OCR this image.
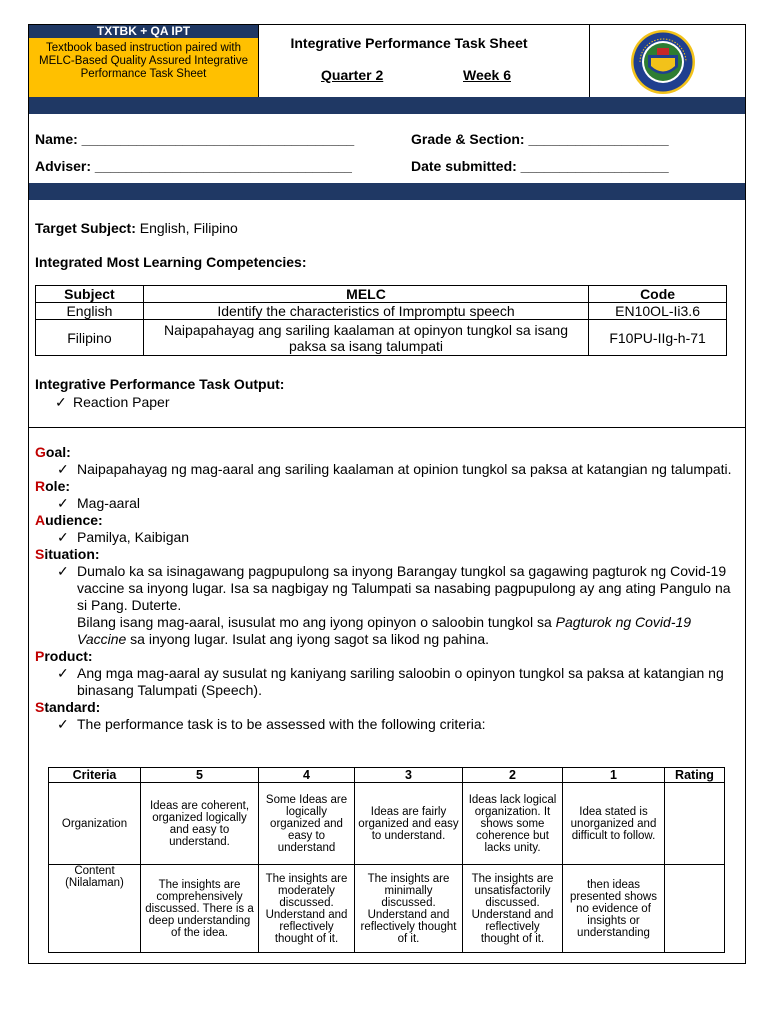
TXTBK + QA IPT
Textbook based instruction paired with MELC-Based Quality Assured Integrative Performance Task Sheet
Integrative Performance Task Sheet
Quarter 2	Week 6
Name: ___________________________________	Grade & Section: __________________
Adviser: _________________________________	Date submitted: ___________________
Target Subject: English, Filipino
Integrated Most Learning Competencies:
Subject	MELC	Code
English	Identify the characteristics of Impromptu speech	EN10OL-Ii3.6
Filipino	Naipapahayag ang sariling kaalaman at opinyon tungkol sa isang paksa sa isang talumpati	F10PU-IIg-h-71
Integrative Performance Task Output:
✓ Reaction Paper
Goal:
✓ Naipapahayag ng mag-aaral ang sariling kaalaman at opinion tungkol sa paksa at katangian ng talumpati.
Role:
✓ Mag-aaral
Audience:
✓ Pamilya, Kaibigan
Situation:
✓ Dumalo ka sa isinagawang pagpupulong sa inyong Barangay tungkol sa gagawing pagturok ng Covid-19 vaccine sa inyong lugar. Isa sa nagbigay ng Talumpati sa nasabing pagpupulong ay ang ating Pangulo na si Pang. Duterte.
Bilang isang mag-aaral, isusulat mo ang iyong opinyon o saloobin tungkol sa Pagturok ng Covid-19 Vaccine sa inyong lugar. Isulat ang iyong sagot sa likod ng pahina.
Product:
✓ Ang mga mag-aaral ay susulat ng kaniyang sariling saloobin o opinyon tungkol sa paksa at katangian ng binasang Talumpati (Speech).
Standard:
✓ The performance task is to be assessed with the following criteria:
Criteria	5	4	3	2	1	Rating
Organization	Ideas are coherent, organized logically and easy to understand.	Some Ideas are logically organized and easy to understand	Ideas are fairly organized and easy to understand.	Ideas lack logical organization. It shows some coherence but lacks unity.	Idea stated is unorganized and difficult to follow.	
Content (Nilalaman)	The insights are comprehensively discussed. There is a deep understanding of the idea.	The insights are moderately discussed. Understand and reflectively thought of it.	The insights are minimally discussed. Understand and reflectively thought of it.	The insights are unsatisfactorily discussed. Understand and reflectively thought of it.	then ideas presented shows no evidence of insights or understanding	
